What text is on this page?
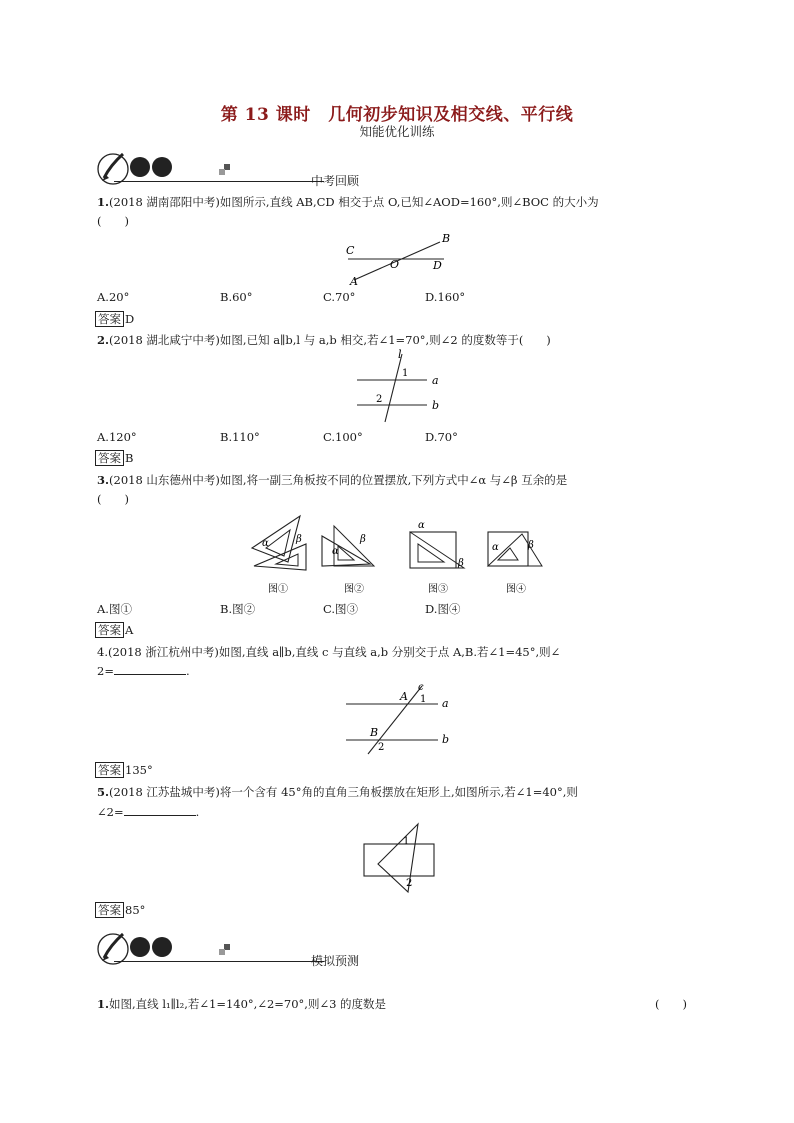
第 13 课时　几何初步知识及相交线、平行线
知能优化训练
中考回顾
1.(2018 湖南邵阳中考)如图所示,直线 AB,CD 相交于点 O,已知∠AOD=160°,则∠BOC 的大小为
(　　)
C
B
O	D
A
A.20°	B.60°	C.70°	D.160°
答案 D
2.(2018 湖北咸宁中考)如图,已知 a∥b,l 与 a,b 相交,若∠1=70°,则∠2 的度数等于(　　)
l
1
a
2	b
A.120°	B.110°	C.100°	D.70°
答案 B
3.(2018 山东德州中考)如图,将一副三角板按不同的位置摆放,下列方式中∠α 与∠β 互余的是
(　　)
α	β
图①
α
β
图②
α
β
图③
α	β
图④
A.图①	B.图②	C.图③	D.图④
答案 A
4.(2018 浙江杭州中考)如图,直线 a∥b,直线 c 与直线 a,b 分别交于点 A,B.若∠1=45°,则∠
2=	.
c
A 1 a
B
2
b
答案 135°
5.(2018 江苏盐城中考)将一个含有 45°角的直角三角板摆放在矩形上,如图所示,若∠1=40°,则
∠2=	.
1
2
答案 85°
模拟预测
1.如图,直线 l₁∥l₂,若∠1=140°,∠2=70°,则∠3 的度数是	(　　)
